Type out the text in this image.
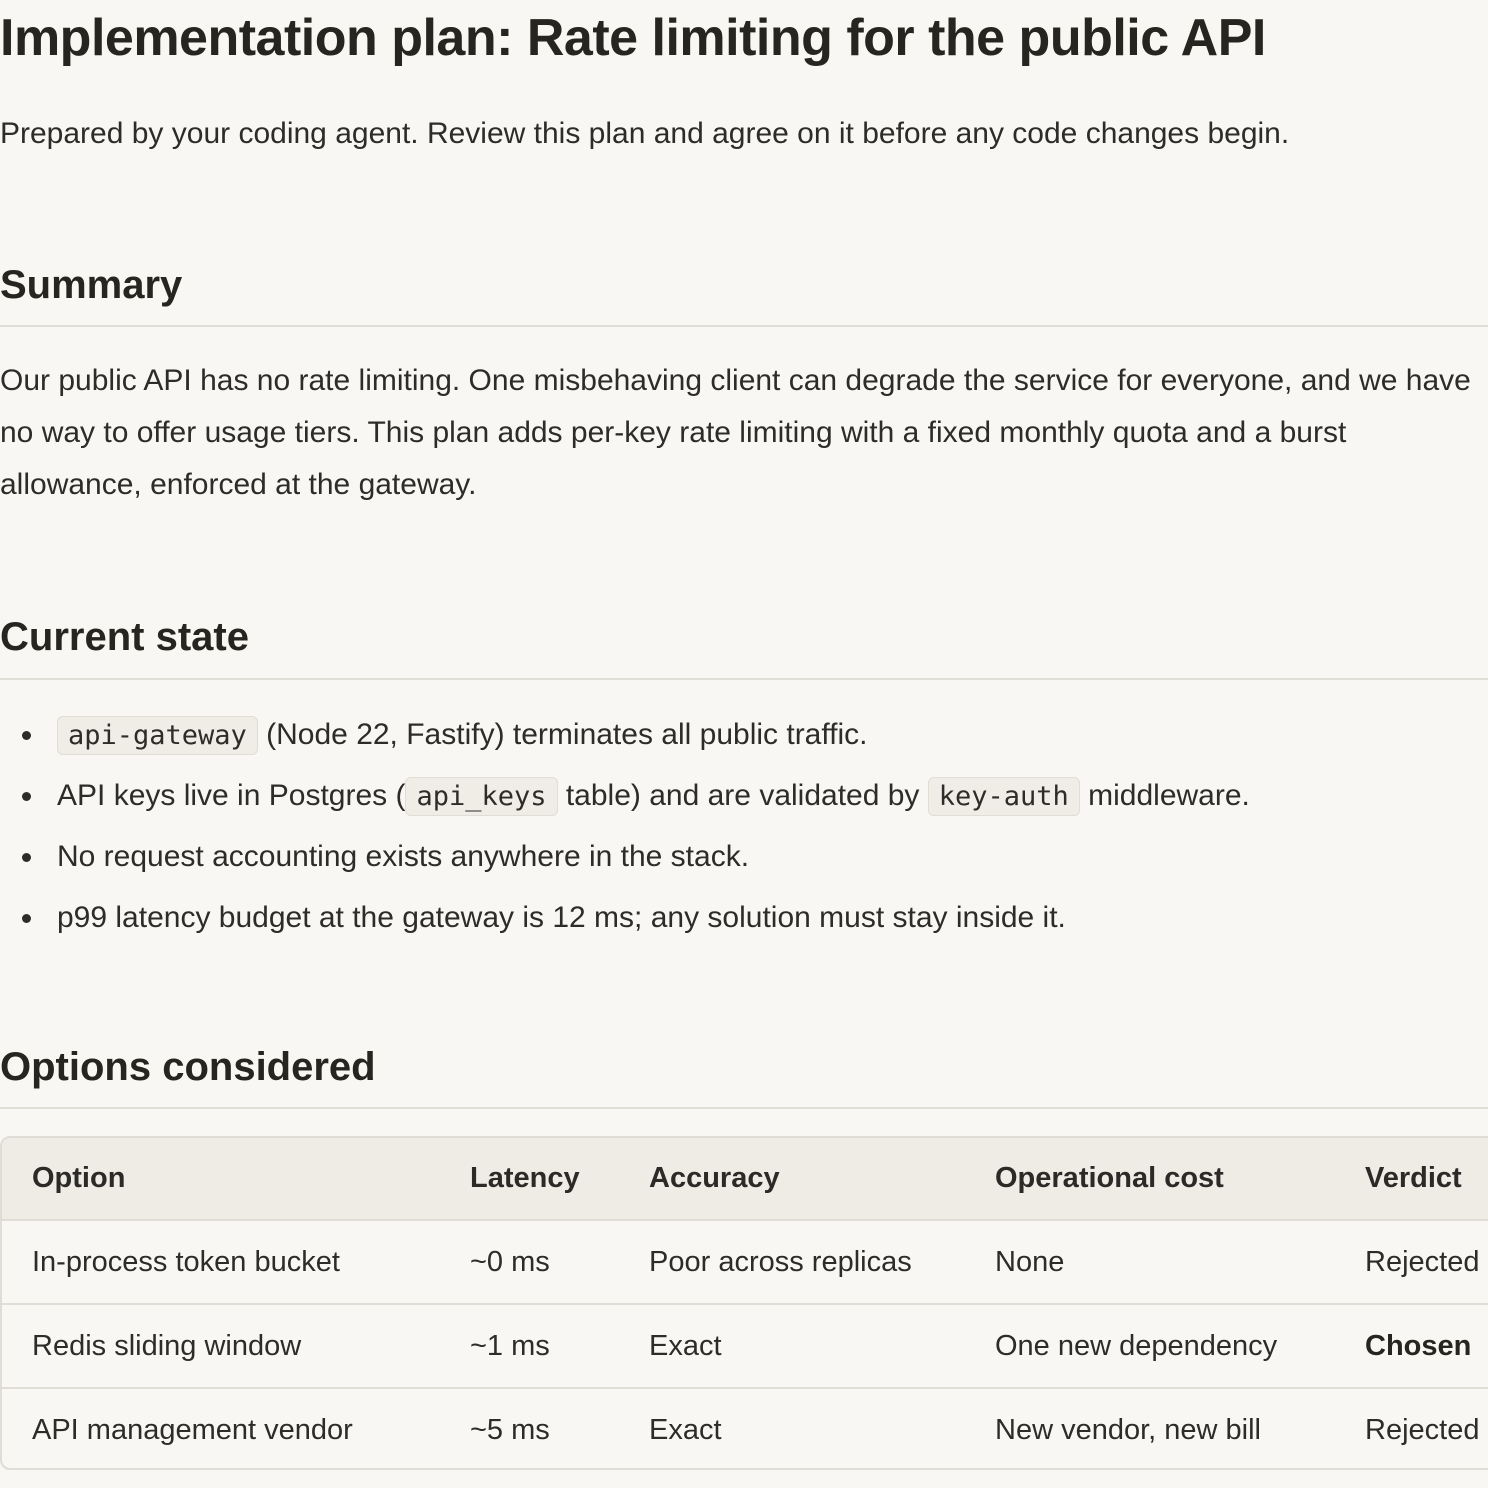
Implementation plan: Rate limiting for the public API
Prepared by your coding agent. Review this plan and agree on it before any code changes begin.
Summary

Our public API has no rate limiting. One misbehaving client can degrade the service for everyone, and we have no way to offer usage tiers. This plan adds per-key rate limiting with a fixed monthly quota and a burst allowance, enforced at the gateway.

Current state
api-gateway (Node 22, Fastify) terminates all public traffic.
API keys live in Postgres ( api_keys table) and are validated by key-auth middleware.
No request accounting exists anywhere in the stack.
p99 latency budget at the gateway is 12 ms; any solution must stay inside it.
Options considered
Option	Latency	Accuracy	Operational cost	Verdict
In-process token bucket	~0 ms	Poor across replicas	None	Rejected
Redis sliding window	~1 ms	Exact	One new dependency	Chosen
API management vendor	~5 ms	Exact	New vendor, new bill	Rejected
